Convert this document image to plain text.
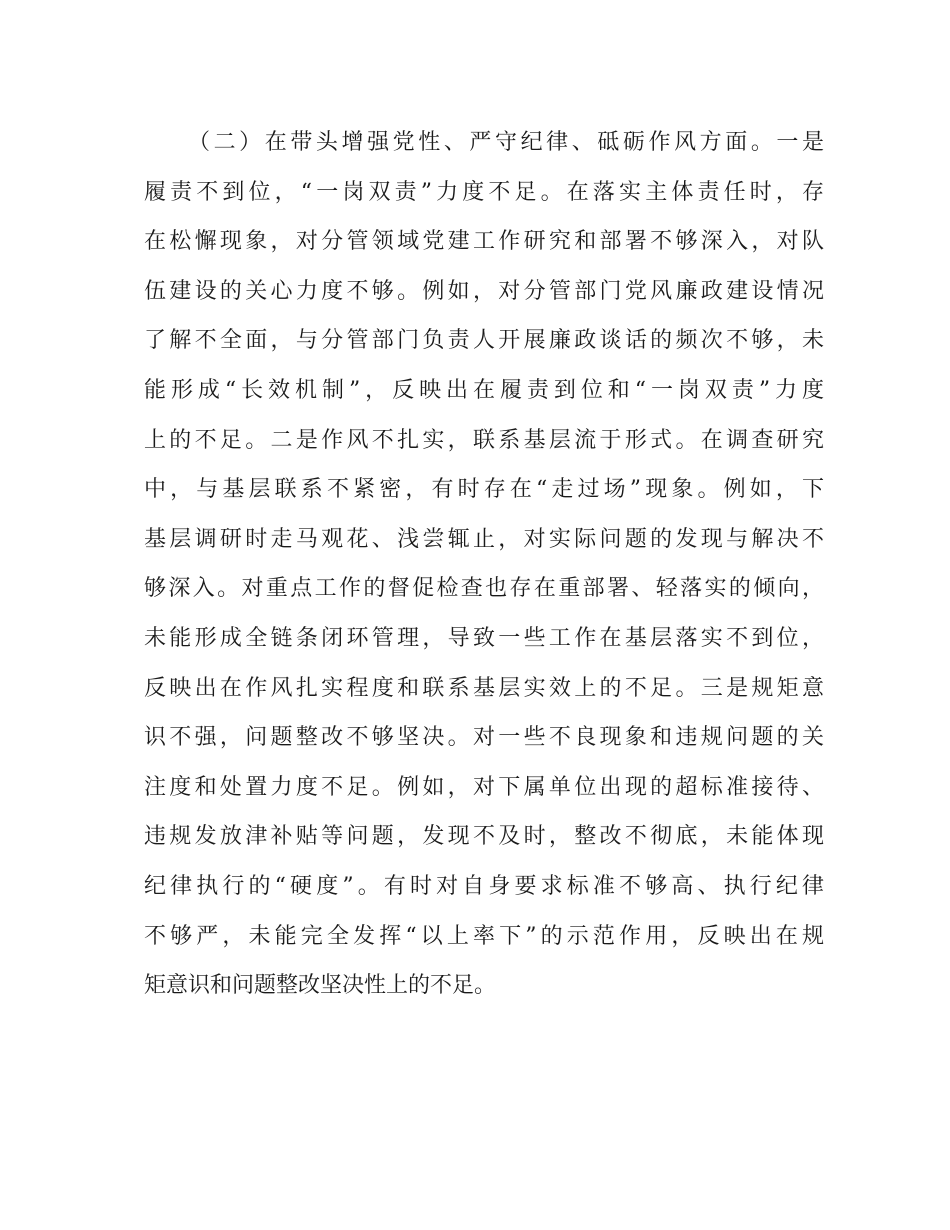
（二）在带头增强党性、严守纪律、砥砺作风方面。一是
履责不到位，“一岗双责”力度不足。在落实主体责任时，存
在松懈现象，对分管领域党建工作研究和部署不够深入，对队
伍建设的关心力度不够。例如，对分管部门党风廉政建设情况
了解不全面，与分管部门负责人开展廉政谈话的频次不够，未
能形成“长效机制”，反映出在履责到位和“一岗双责”力度
上的不足。二是作风不扎实，联系基层流于形式。在调查研究
中，与基层联系不紧密，有时存在“走过场”现象。例如，下
基层调研时走马观花、浅尝辄止，对实际问题的发现与解决不
够深入。对重点工作的督促检查也存在重部署、轻落实的倾向，
未能形成全链条闭环管理，导致一些工作在基层落实不到位，
反映出在作风扎实程度和联系基层实效上的不足。三是规矩意
识不强，问题整改不够坚决。对一些不良现象和违规问题的关
注度和处置力度不足。例如，对下属单位出现的超标准接待、
违规发放津补贴等问题，发现不及时，整改不彻底，未能体现
纪律执行的“硬度”。有时对自身要求标准不够高、执行纪律
不够严，未能完全发挥“以上率下”的示范作用，反映出在规
矩意识和问题整改坚决性上的不足。
